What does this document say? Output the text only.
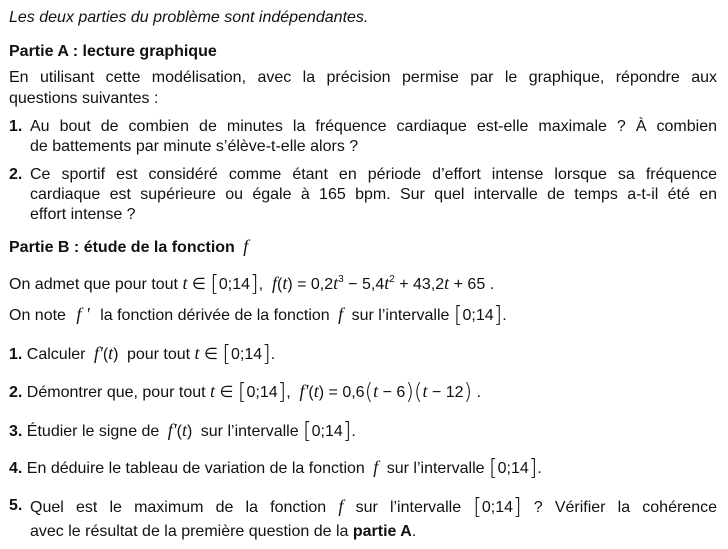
Les deux parties du problème sont indépendantes.
Partie A : lecture graphique
En utilisant cette modélisation, avec la précision permise par le graphique, répondre aux
questions suivantes :
1. Au bout de combien de minutes la fréquence cardiaque est-elle maximale ? À combien
de battements par minute s’élève-t-elle alors ?
2. Ce sportif est considéré comme étant en période d’effort intense lorsque sa fréquence
cardiaque est supérieure ou égale à 165 bpm. Sur quel intervalle de temps a-t-il été en
effort intense ?
Partie B : étude de la fonction f
On admet que pour tout t ∈ [0;14], $f(t) = 0,2t^3 - 5,4t^2 + 43,2t + 65$ .
On note f ' la fonction dérivée de la fonction f sur l’intervalle [0;14].
1. Calculer f'(t) pour tout t ∈ [0;14].
2. Démontrer que, pour tout t ∈ [0;14], f'(t) = 0,6(t − 6)(t − 12) .
3. Étudier le signe de f'(t) sur l’intervalle [0;14].
4. En déduire le tableau de variation de la fonction f sur l’intervalle [0;14].
5. Quel est le maximum de la fonction f sur l’intervalle [0;14] ? Vérifier la cohérence
avec le résultat de la première question de la partie A.
